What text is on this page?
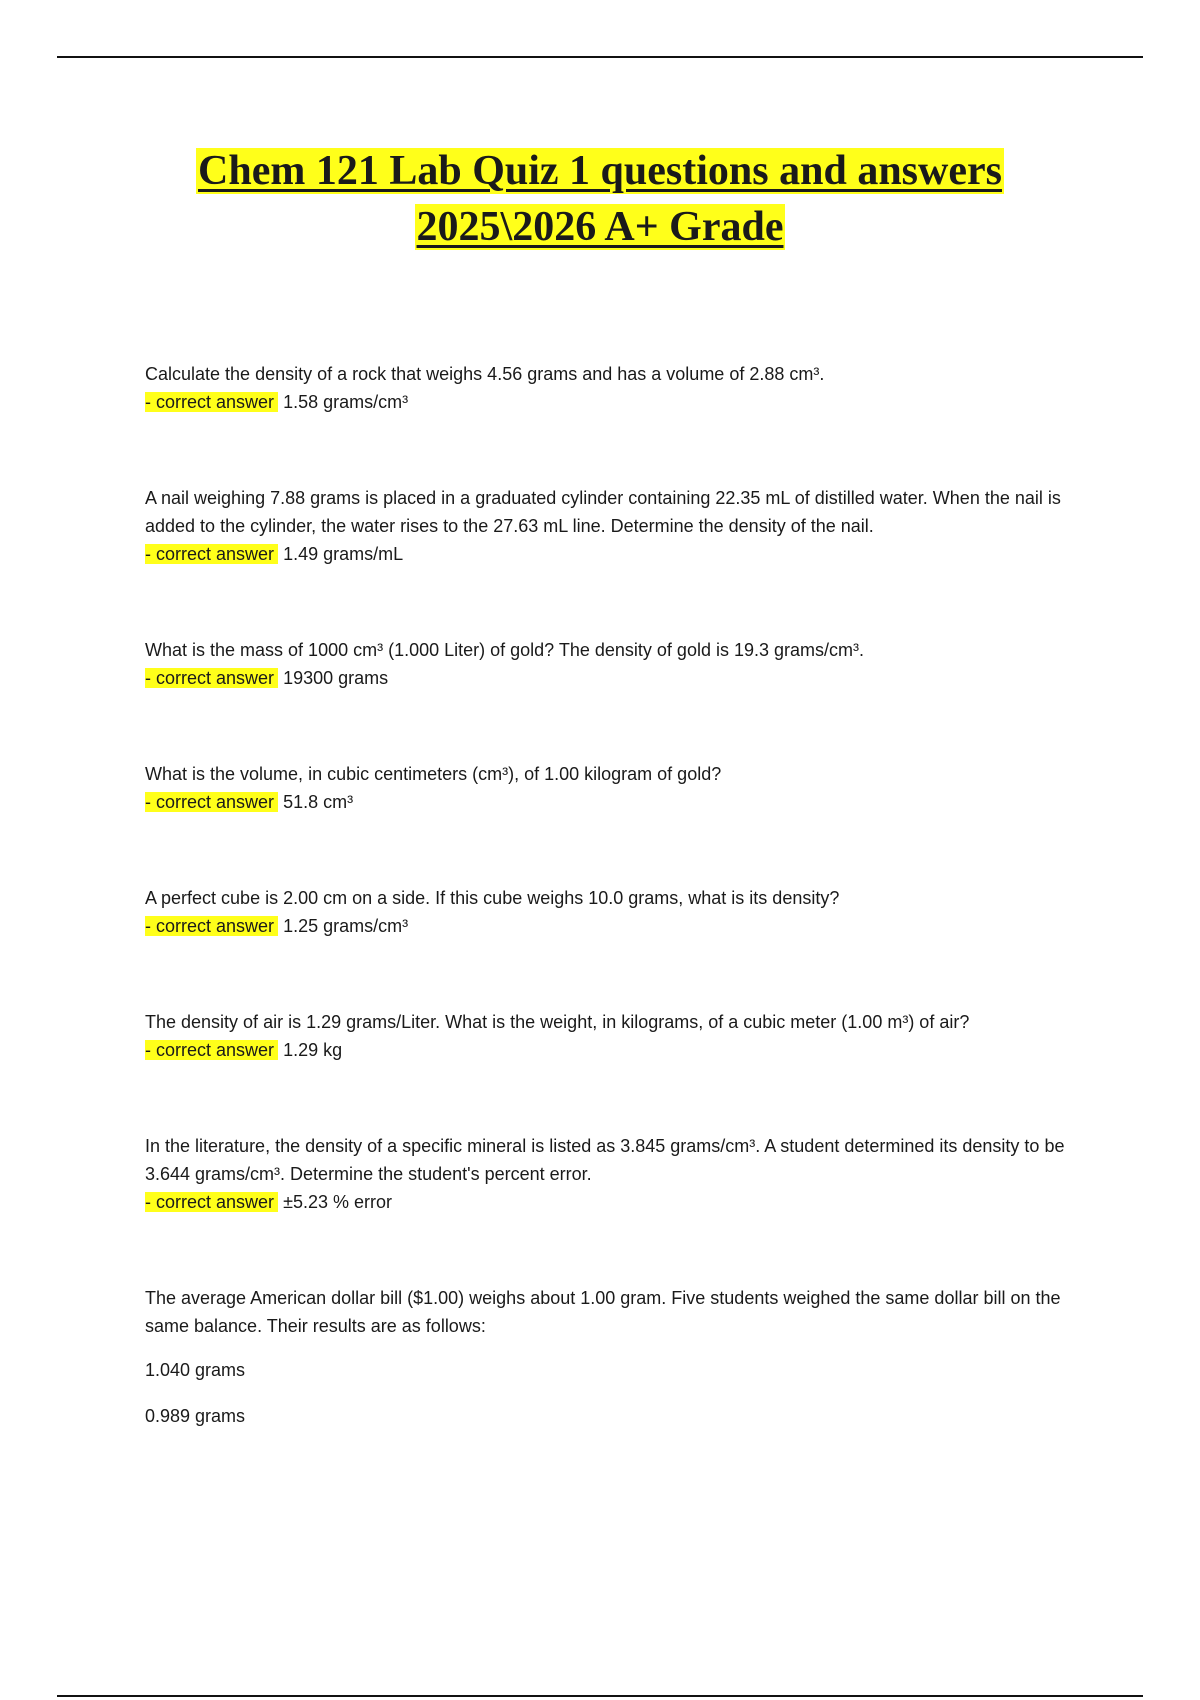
Chem 121 Lab Quiz 1 questions and answers
2025\2026 A+ Grade

Calculate the density of a rock that weighs 4.56 grams and has a volume of 2.88 cm³.

- correct answer 1.58 grams/cm³

A nail weighing 7.88 grams is placed in a graduated cylinder containing 22.35 mL of distilled water. When the nail is added to the cylinder, the water rises to the 27.63 mL line. Determine the density of the nail.

- correct answer 1.49 grams/mL

What is the mass of 1000 cm³ (1.000 Liter) of gold? The density of gold is 19.3 grams/cm³.

- correct answer 19300 grams

What is the volume, in cubic centimeters (cm³), of 1.00 kilogram of gold?

- correct answer 51.8 cm³

A perfect cube is 2.00 cm on a side. If this cube weighs 10.0 grams, what is its density?

- correct answer 1.25 grams/cm³

The density of air is 1.29 grams/Liter. What is the weight, in kilograms, of a cubic meter (1.00 m³) of air?

- correct answer 1.29 kg

In the literature, the density of a specific mineral is listed as 3.845 grams/cm³. A student determined its density to be 3.644 grams/cm³. Determine the student's percent error.

- correct answer ±5.23 % error

The average American dollar bill ($1.00) weighs about 1.00 gram. Five students weighed the same dollar bill on the same balance. Their results are as follows:

1.040 grams

0.989 grams
